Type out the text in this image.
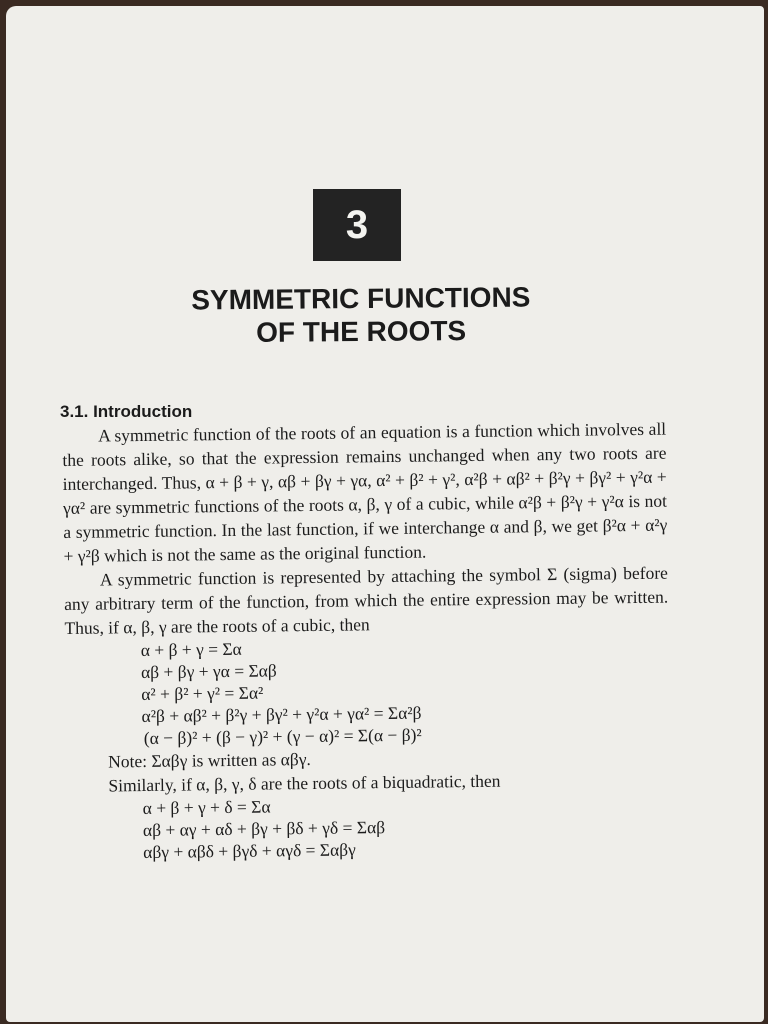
3
SYMMETRIC FUNCTIONS
OF THE ROOTS
3.1. Introduction

A symmetric function of the roots of an equation is a function which involves all the roots alike, so that the expression remains unchanged when any two roots are interchanged. Thus, α + β + γ, αβ + βγ + γα, α² + β² + γ², α²β + αβ² + β²γ + βγ² + γ²α + γα² are symmetric functions of the roots α, β, γ of a cubic, while α²β + β²γ + γ²α is not a symmetric function. In the last function, if we interchange α and β, we get β²α + α²γ + γ²β which is not the same as the original function.

A symmetric function is represented by attaching the symbol Σ (sigma) before any arbitrary term of the function, from which the entire expression may be written. Thus, if α, β, γ are the roots of a cubic, then

α + β + γ = Σα

αβ + βγ + γα = Σαβ

α² + β² + γ² = Σα²

α²β + αβ² + β²γ + βγ² + γ²α + γα² = Σα²β

(α − β)² + (β − γ)² + (γ − α)² = Σ(α − β)²

Note: Σαβγ is written as αβγ.

Similarly, if α, β, γ, δ are the roots of a biquadratic, then

α + β + γ + δ = Σα

αβ + αγ + αδ + βγ + βδ + γδ = Σαβ

αβγ + αβδ + βγδ + αγδ = Σαβγ
